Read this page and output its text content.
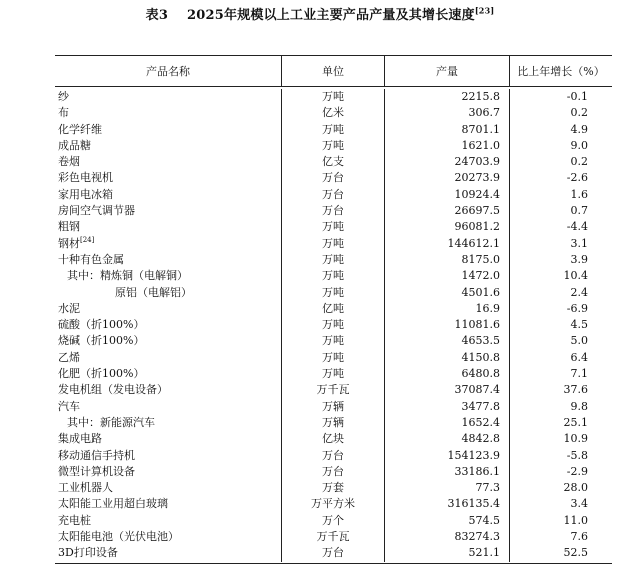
表3 2025年规模以上工业主要产品产量及其增长速度[23]
产品名称	单位	产量	比上年增长（%）
纱	万吨	2215.8	-0.1
布	亿米	306.7	0.2
化学纤维	万吨	8701.1	4.9
成品糖	万吨	1621.0	9.0
卷烟	亿支	24703.9	0.2
彩色电视机	万台	20273.9	-2.6
家用电冰箱	万台	10924.4	1.6
房间空气调节器	万台	26697.5	0.7
粗钢	万吨	96081.2	-4.4
钢材[24]	万吨	144612.1	3.1
十种有色金属	万吨	8175.0	3.9
其中：精炼铜（电解铜）	万吨	1472.0	10.4
原铝（电解铝）	万吨	4501.6	2.4
水泥	亿吨	16.9	-6.9
硫酸（折100%）	万吨	11081.6	4.5
烧碱（折100%）	万吨	4653.5	5.0
乙烯	万吨	4150.8	6.4
化肥（折100%）	万吨	6480.8	7.1
发电机组（发电设备）	万千瓦	37087.4	37.6
汽车	万辆	3477.8	9.8
其中：新能源汽车	万辆	1652.4	25.1
集成电路	亿块	4842.8	10.9
移动通信手持机	万台	154123.9	-5.8
微型计算机设备	万台	33186.1	-2.9
工业机器人	万套	77.3	28.0
太阳能工业用超白玻璃	万平方米	316135.4	3.4
充电桩	万个	574.5	11.0
太阳能电池（光伏电池）	万千瓦	83274.3	7.6
3D打印设备	万台	521.1	52.5
